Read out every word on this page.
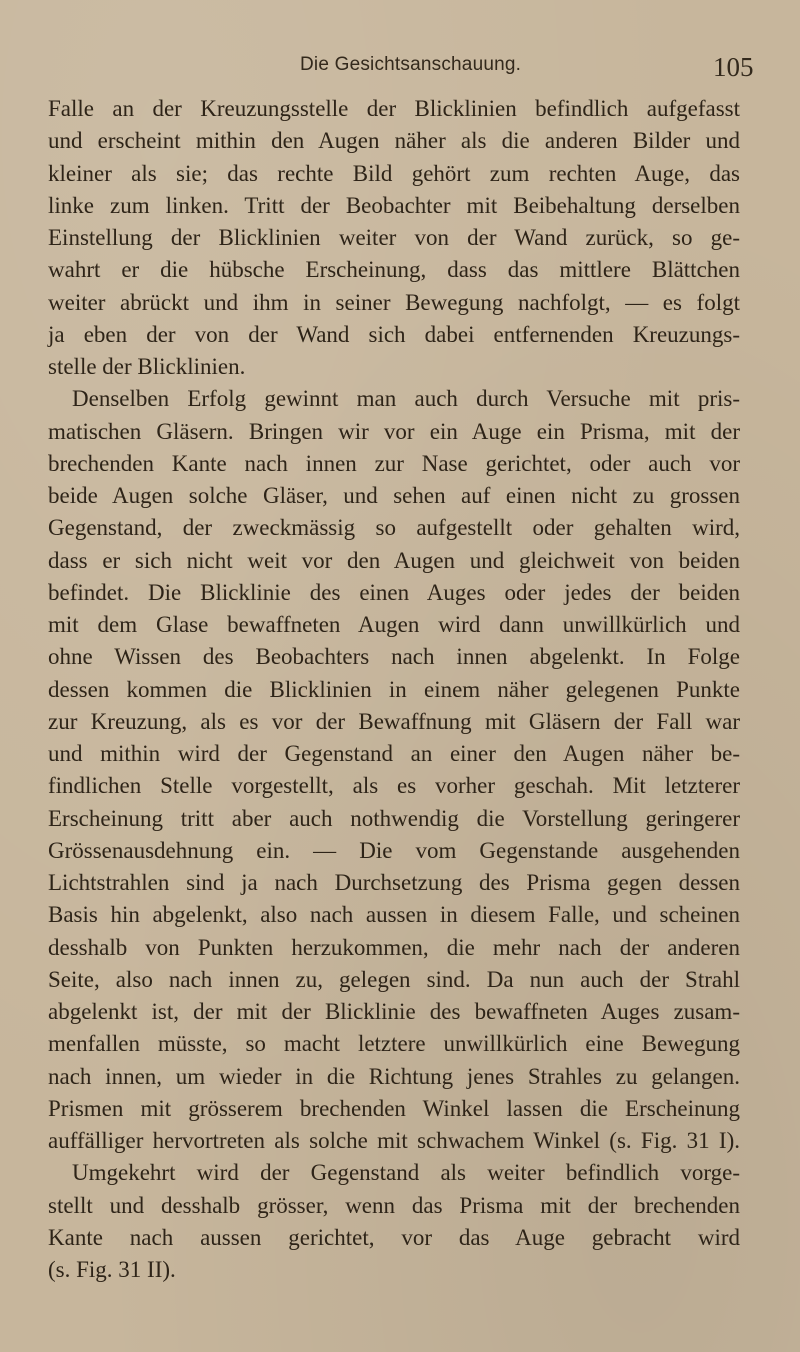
Die Gesichtsanschauung.	105
Falle an der Kreuzungsstelle der Blicklinien befindlich aufgefasst
und erscheint mithin den Augen näher als die anderen Bilder und
kleiner als sie; das rechte Bild gehört zum rechten Auge, das
linke zum linken. Tritt der Beobachter mit Beibehaltung derselben
Einstellung der Blicklinien weiter von der Wand zurück, so ge-
wahrt er die hübsche Erscheinung, dass das mittlere Blättchen
weiter abrückt und ihm in seiner Bewegung nachfolgt, — es folgt
ja eben der von der Wand sich dabei entfernenden Kreuzungs-
stelle der Blicklinien.
Denselben Erfolg gewinnt man auch durch Versuche mit pris-
matischen Gläsern. Bringen wir vor ein Auge ein Prisma, mit der
brechenden Kante nach innen zur Nase gerichtet, oder auch vor
beide Augen solche Gläser, und sehen auf einen nicht zu grossen
Gegenstand, der zweckmässig so aufgestellt oder gehalten wird,
dass er sich nicht weit vor den Augen und gleichweit von beiden
befindet. Die Blicklinie des einen Auges oder jedes der beiden
mit dem Glase bewaffneten Augen wird dann unwillkürlich und
ohne Wissen des Beobachters nach innen abgelenkt. In Folge
dessen kommen die Blicklinien in einem näher gelegenen Punkte
zur Kreuzung, als es vor der Bewaffnung mit Gläsern der Fall war
und mithin wird der Gegenstand an einer den Augen näher be-
findlichen Stelle vorgestellt, als es vorher geschah. Mit letzterer
Erscheinung tritt aber auch nothwendig die Vorstellung geringerer
Grössenausdehnung ein. — Die vom Gegenstande ausgehenden
Lichtstrahlen sind ja nach Durchsetzung des Prisma gegen dessen
Basis hin abgelenkt, also nach aussen in diesem Falle, und scheinen
desshalb von Punkten herzukommen, die mehr nach der anderen
Seite, also nach innen zu, gelegen sind. Da nun auch der Strahl
abgelenkt ist, der mit der Blicklinie des bewaffneten Auges zusam-
menfallen müsste, so macht letztere unwillkürlich eine Bewegung
nach innen, um wieder in die Richtung jenes Strahles zu gelangen.
Prismen mit grösserem brechenden Winkel lassen die Erscheinung
auffälliger hervortreten als solche mit schwachem Winkel (s. Fig. 31 I).
Umgekehrt wird der Gegenstand als weiter befindlich vorge-
stellt und desshalb grösser, wenn das Prisma mit der brechenden
Kante nach aussen gerichtet, vor das Auge gebracht wird
(s. Fig. 31 II).
